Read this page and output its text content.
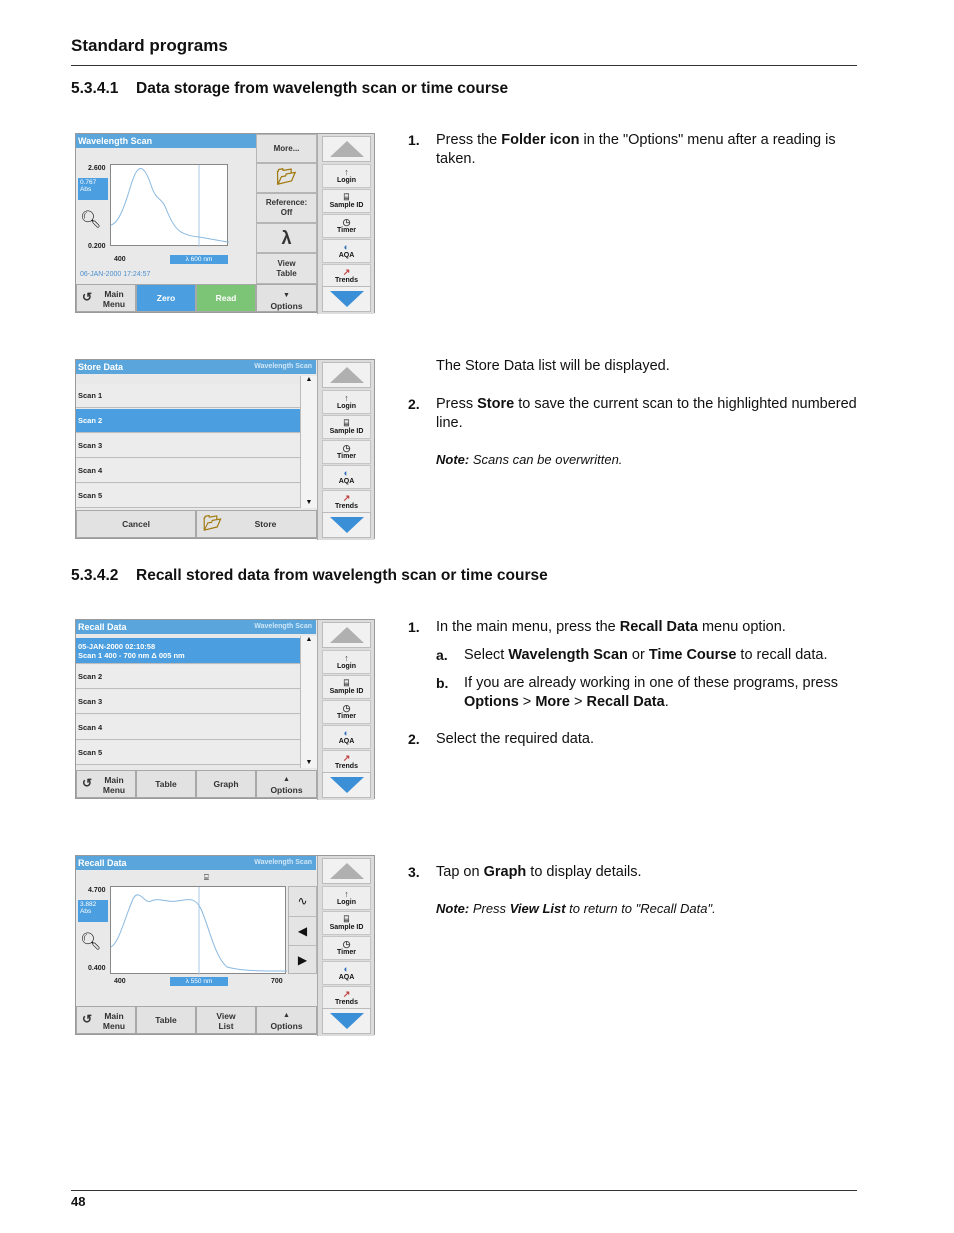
Standard programs
5.3.4.1 Data storage from wavelength scan or time course
Wavelength Scan
2.600
0.767
Abs
🔍︎
0.200
400	λ 600 nm
06-JAN-2000 17:24:57
More...
📂︎
Reference:
Off
λ
View
Table
↺	Main
Menu
Zero	Read	▼
Options
↑
Login
⌸
Sample ID
◷
Timer
◐
AQA
↗
Trends
1. Press the Folder icon in the "Options" menu after a reading is taken.
Store Data	Wavelength Scan
Scan 1
Scan 2
Scan 3
Scan 4
Scan 5
▲
▼
Cancel	📂︎	Store
↑
Login
⌸
Sample ID
◷
Timer
◐
AQA
↗
Trends
The Store Data list will be displayed.
2. Press Store to save the current scan to the highlighted numbered line.
Note: Scans can be overwritten.
5.3.4.2 Recall stored data from wavelength scan or time course
Recall Data	Wavelength Scan
05-JAN-2000 02:10:58
Scan 1 400 - 700 nm Δ 005 nm
Scan 2
Scan 3
Scan 4
Scan 5
▲
▼
↺	Main
Menu
Table	Graph	▲
Options
↑
Login
⌸
Sample ID
◷
Timer
◐
AQA
↗
Trends
1. In the main menu, press the Recall Data menu option.
a. Select Wavelength Scan or Time Course to recall data.
b. If you are already working in one of these programs, press Options > More > Recall Data.
2. Select the required data.
Recall Data	Wavelength Scan
⌸
4.700
3.882
Abs
🔍︎
0.400
400	700
λ 550 nm
∿
◀
▶
↺	Main
Menu
Table	View
List
▲
Options
↑
Login
⌸
Sample ID
◷
Timer
◐
AQA
↗
Trends
3. Tap on Graph to display details.
Note: Press View List to return to "Recall Data".
48
